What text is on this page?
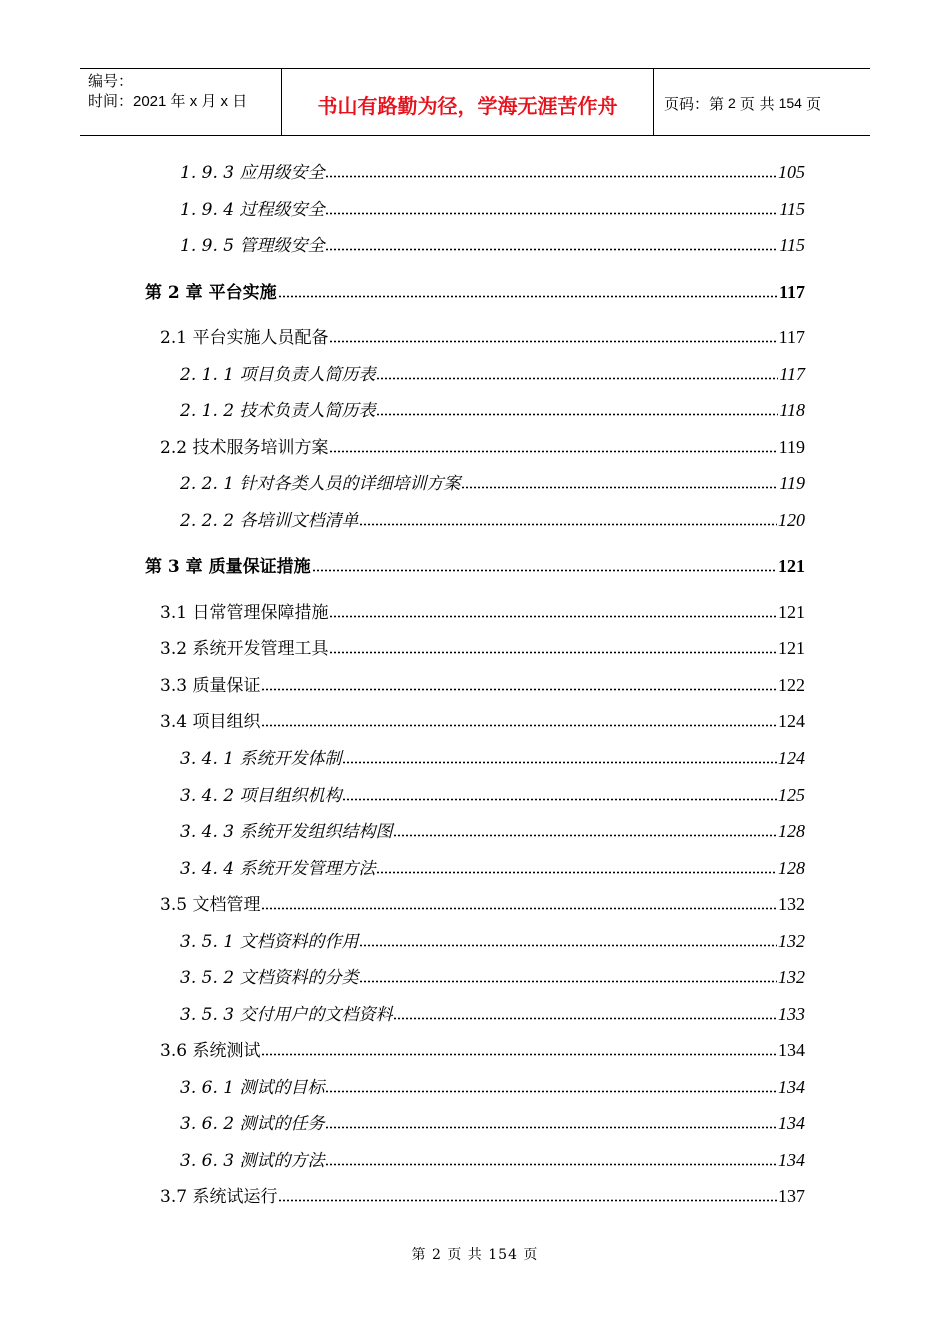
编号：
时间：2021 年 x 月 x 日	书山有路勤为径，学海无涯苦作舟	页码：第 2 页 共 154 页
1. 9. 3 应用级安全	105
1. 9. 4 过程级安全	115
1. 9. 5 管理级安全	115
第 2 章 平台实施	117
2.1 平台实施人员配备	117
2. 1. 1 项目负责人简历表	117
2. 1. 2 技术负责人简历表	118
2.2 技术服务培训方案	119
2. 2. 1 针对各类人员的详细培训方案	119
2. 2. 2 各培训文档清单	120
第 3 章 质量保证措施	121
3.1 日常管理保障措施	121
3.2 系统开发管理工具	121
3.3 质量保证	122
3.4 项目组织	124
3. 4. 1 系统开发体制	124
3. 4. 2 项目组织机构	125
3. 4. 3 系统开发组织结构图	128
3. 4. 4 系统开发管理方法	128
3.5 文档管理	132
3. 5. 1 文档资料的作用	132
3. 5. 2 文档资料的分类	132
3. 5. 3 交付用户的文档资料	133
3.6 系统测试	134
3. 6. 1 测试的目标	134
3. 6. 2 测试的任务	134
3. 6. 3 测试的方法	134
3.7 系统试运行	137
第 2 页 共 154 页
